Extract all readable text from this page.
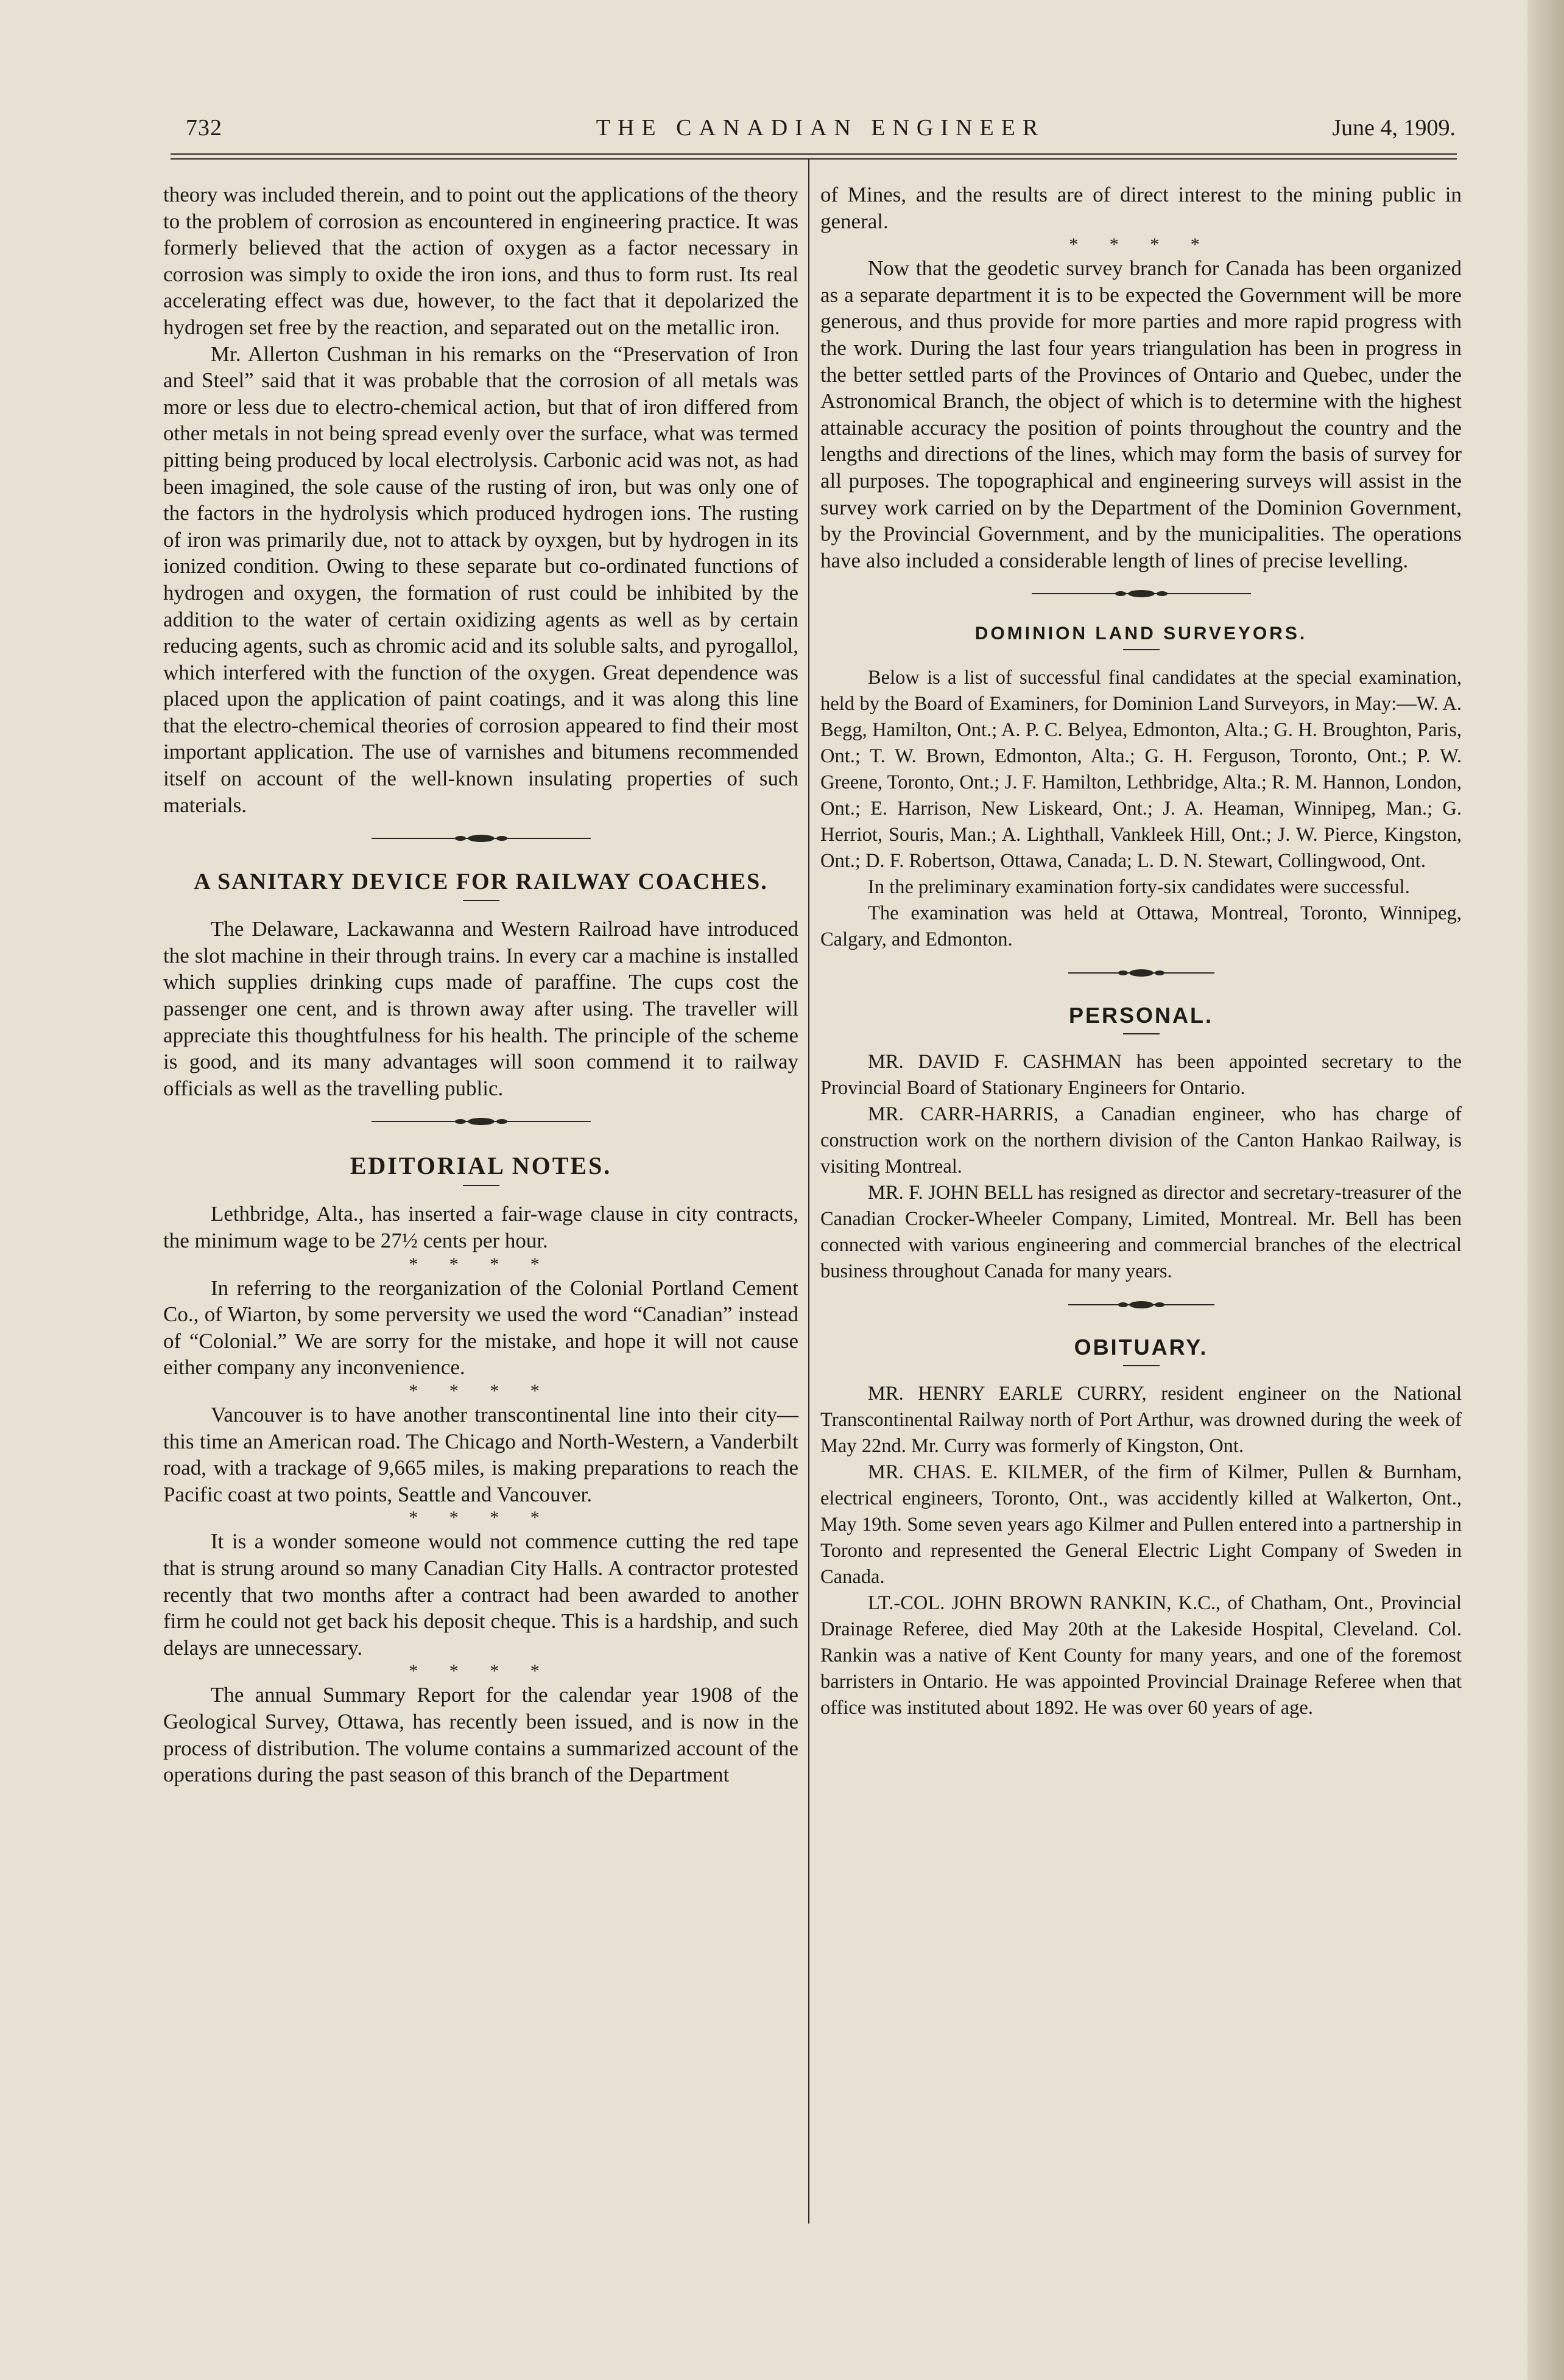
732	THE CANADIAN ENGINEER	June 4, 1909.

theory was included therein, and to point out the applications of the theory to the problem of corrosion as encountered in engineering practice. It was formerly believed that the action of oxygen as a factor necessary in corrosion was simply to oxide the iron ions, and thus to form rust. Its real accelerating effect was due, however, to the fact that it depolarized the hydrogen set free by the reaction, and separated out on the metallic iron.

Mr. Allerton Cushman in his remarks on the “Preservation of Iron and Steel” said that it was probable that the corrosion of all metals was more or less due to electro-chemical action, but that of iron differed from other metals in not being spread evenly over the surface, what was termed pitting being produced by local electrolysis. Carbonic acid was not, as had been imagined, the sole cause of the rusting of iron, but was only one of the factors in the hydrolysis which produced hydrogen ions. The rusting of iron was primarily due, not to attack by oyxgen, but by hydrogen in its ionized condition. Owing to these separate but co-ordinated functions of hydrogen and oxygen, the formation of rust could be inhibited by the addition to the water of certain oxidizing agents as well as by certain reducing agents, such as chromic acid and its soluble salts, and pyrogallol, which interfered with the function of the oxygen. Great dependence was placed upon the application of paint coatings, and it was along this line that the electro-chemical theories of corrosion appeared to find their most important application. The use of varnishes and bitumens recommended itself on account of the well-known insulating properties of such materials.

A SANITARY DEVICE FOR RAILWAY COACHES.

The Delaware, Lackawanna and Western Railroad have introduced the slot machine in their through trains. In every car a machine is installed which supplies drinking cups made of paraffine. The cups cost the passenger one cent, and is thrown away after using. The traveller will appreciate this thoughtfulness for his health. The principle of the scheme is good, and its many advantages will soon commend it to railway officials as well as the travelling public.

EDITORIAL NOTES.

Lethbridge, Alta., has inserted a fair-wage clause in city contracts, the minimum wage to be 27½ cents per hour.

* * * *

In referring to the reorganization of the Colonial Portland Cement Co., of Wiarton, by some perversity we used the word “Canadian” instead of “Colonial.” We are sorry for the mistake, and hope it will not cause either company any inconvenience.

* * * *

Vancouver is to have another transcontinental line into their city—this time an American road. The Chicago and North-Western, a Vanderbilt road, with a trackage of 9,665 miles, is making preparations to reach the Pacific coast at two points, Seattle and Vancouver.

* * * *

It is a wonder someone would not commence cutting the red tape that is strung around so many Canadian City Halls. A contractor protested recently that two months after a contract had been awarded to another firm he could not get back his deposit cheque. This is a hardship, and such delays are unnecessary.

* * * *

The annual Summary Report for the calendar year 1908 of the Geological Survey, Ottawa, has recently been issued, and is now in the process of distribution. The volume contains a summarized account of the operations during the past season of this branch of the Department

of Mines, and the results are of direct interest to the mining public in general.

* * * *

Now that the geodetic survey branch for Canada has been organized as a separate department it is to be expected the Government will be more generous, and thus provide for more parties and more rapid progress with the work. During the last four years triangulation has been in progress in the better settled parts of the Provinces of Ontario and Quebec, under the Astronomical Branch, the object of which is to determine with the highest attainable accuracy the position of points throughout the country and the lengths and directions of the lines, which may form the basis of survey for all purposes. The topographical and engineering surveys will assist in the survey work carried on by the Department of the Dominion Government, by the Provincial Government, and by the municipalities. The operations have also included a considerable length of lines of precise levelling.

DOMINION LAND SURVEYORS.

Below is a list of successful final candidates at the special examination, held by the Board of Examiners, for Dominion Land Surveyors, in May:—W. A. Begg, Hamilton, Ont.; A. P. C. Belyea, Edmonton, Alta.; G. H. Broughton, Paris, Ont.; T. W. Brown, Edmonton, Alta.; G. H. Ferguson, Toronto, Ont.; P. W. Greene, Toronto, Ont.; J. F. Hamilton, Lethbridge, Alta.; R. M. Hannon, London, Ont.; E. Harrison, New Liskeard, Ont.; J. A. Heaman, Winnipeg, Man.; G. Herriot, Souris, Man.; A. Lighthall, Vankleek Hill, Ont.; J. W. Pierce, Kingston, Ont.; D. F. Robertson, Ottawa, Canada; L. D. N. Stewart, Collingwood, Ont.

In the preliminary examination forty-six candidates were successful.

The examination was held at Ottawa, Montreal, Toronto, Winnipeg, Calgary, and Edmonton.

PERSONAL.

MR. DAVID F. CASHMAN has been appointed secretary to the Provincial Board of Stationary Engineers for Ontario.

MR. CARR-HARRIS, a Canadian engineer, who has charge of construction work on the northern division of the Canton Hankao Railway, is visiting Montreal.

MR. F. JOHN BELL has resigned as director and secretary-treasurer of the Canadian Crocker-Wheeler Company, Limited, Montreal. Mr. Bell has been connected with various engineering and commercial branches of the electrical business throughout Canada for many years.

OBITUARY.

MR. HENRY EARLE CURRY, resident engineer on the National Transcontinental Railway north of Port Arthur, was drowned during the week of May 22nd. Mr. Curry was formerly of Kingston, Ont.

MR. CHAS. E. KILMER, of the firm of Kilmer, Pullen & Burnham, electrical engineers, Toronto, Ont., was accidently killed at Walkerton, Ont., May 19th. Some seven years ago Kilmer and Pullen entered into a partnership in Toronto and represented the General Electric Light Company of Sweden in Canada.

LT.-COL. JOHN BROWN RANKIN, K.C., of Chatham, Ont., Provincial Drainage Referee, died May 20th at the Lakeside Hospital, Cleveland. Col. Rankin was a native of Kent County for many years, and one of the foremost barristers in Ontario. He was appointed Provincial Drainage Referee when that office was instituted about 1892. He was over 60 years of age.
